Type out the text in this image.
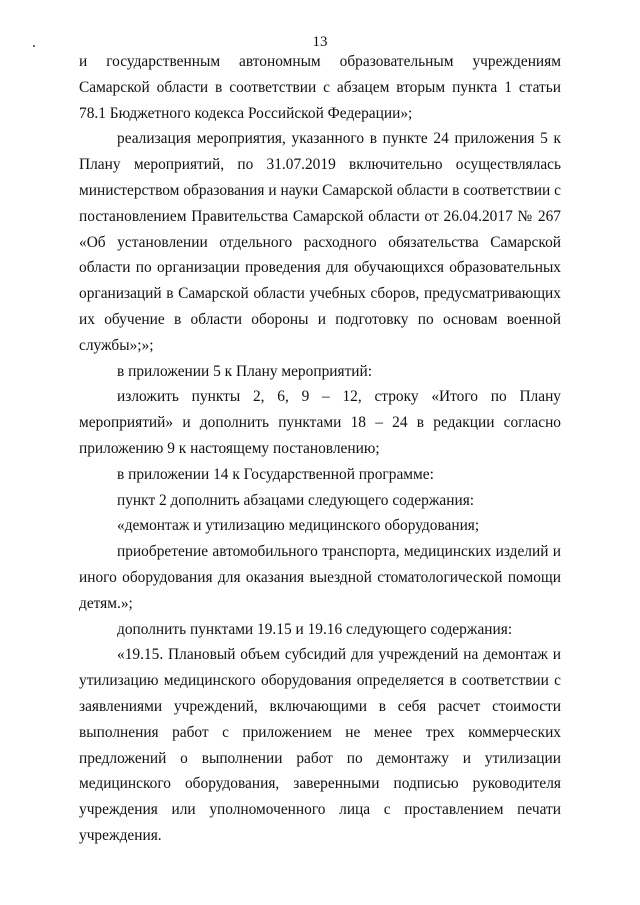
13

и государственным автономным образовательным учреждениям Самарской области в соответствии с абзацем вторым пункта 1 статьи 78.1 Бюджетного кодекса Российской Федерации»;

реализация мероприятия, указанного в пункте 24 приложения 5 к Плану мероприятий, по 31.07.2019 включительно осуществлялась министерством образования и науки Самарской области в соответствии с постановлением Правительства Самарской области от 26.04.2017 № 267 «Об установлении отдельного расходного обязательства Самарской области по организации проведения для обучающихся образовательных организаций в Самарской области учебных сборов, предусматривающих их обучение в области обороны и подготовку по основам военной службы»;»;

в приложении 5 к Плану мероприятий:

изложить пункты 2, 6, 9 – 12, строку «Итого по Плану мероприятий» и дополнить пунктами 18 – 24 в редакции согласно приложению 9 к настоящему постановлению;

в приложении 14 к Государственной программе:

пункт 2 дополнить абзацами следующего содержания:

«демонтаж и утилизацию медицинского оборудования;

приобретение автомобильного транспорта, медицинских изделий и иного оборудования для оказания выездной стоматологической помощи детям.»;

дополнить пунктами 19.15 и 19.16 следующего содержания:

«19.15. Плановый объем субсидий для учреждений на демонтаж и утилизацию медицинского оборудования определяется в соответствии с заявлениями учреждений, включающими в себя расчет стоимости выполнения работ с приложением не менее трех коммерческих предложений о выполнении работ по демонтажу и утилизации медицинского оборудования, заверенными подписью руководителя учреждения или уполномоченного лица с проставлением печати учреждения.
